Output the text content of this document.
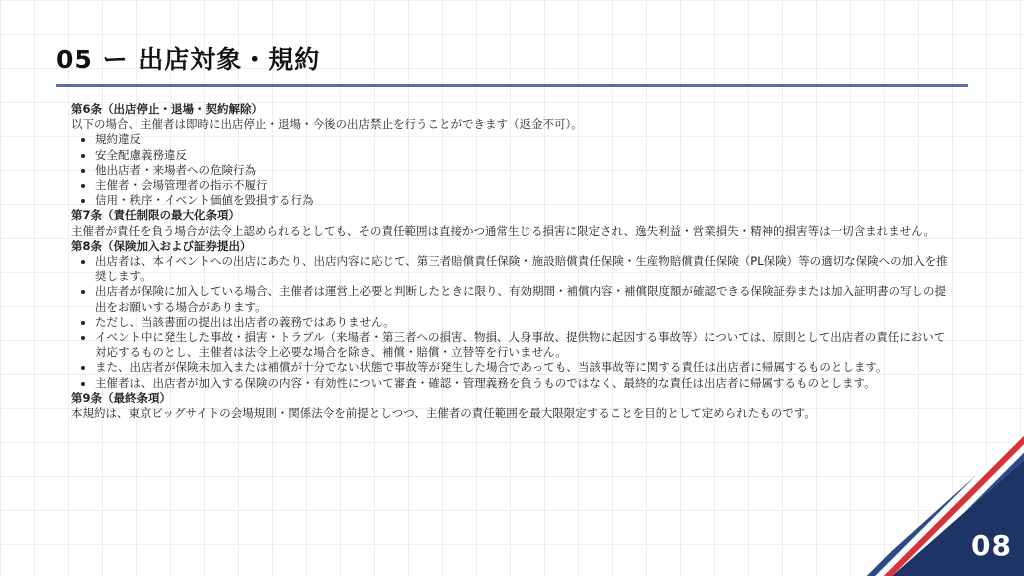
05 ー 出店対象・規約
第6条（出店停止・退場・契約解除）

以下の場合、主催者は即時に出店停止・退場・今後の出店禁止を行うことができます（返金不可）。

• 規約違反
• 安全配慮義務違反
• 他出店者・来場者への危険行為
• 主催者・会場管理者の指示不履行
• 信用・秩序・イベント価値を毀損する行為
第7条（責任制限の最大化条項）

主催者が責任を負う場合が法令上認められるとしても、その責任範囲は直接かつ通常生じる損害に限定され、逸失利益・営業損失・精神的損害等は一切含まれません。

第8条（保険加入および証券提出）
• 出店者は、本イベントへの出店にあたり、出店内容に応じて、第三者賠償責任保険・施設賠償責任保険・生産物賠償責任保険（PL保険）等の適切な保険への加入を推奨します。
• 出店者が保険に加入している場合、主催者は運営上必要と判断したときに限り、有効期間・補償内容・補償限度額が確認できる保険証券または加入証明書の写しの提出をお願いする場合があります。
• ただし、当該書面の提出は出店者の義務ではありません。
• イベント中に発生した事故・損害・トラブル（来場者・第三者への損害、物損、人身事故、提供物に起因する事故等）については、原則として出店者の責任において対応するものとし、主催者は法令上必要な場合を除き、補償・賠償・立替等を行いません。
• また、出店者が保険未加入または補償が十分でない状態で事故等が発生した場合であっても、当該事故等に関する責任は出店者に帰属するものとします。
• 主催者は、出店者が加入する保険の内容・有効性について審査・確認・管理義務を負うものではなく、最終的な責任は出店者に帰属するものとします。
第9条（最終条項）

本規約は、東京ビッグサイトの会場規則・関係法令を前提としつつ、主催者の責任範囲を最大限限定することを目的として定められたものです。

08
